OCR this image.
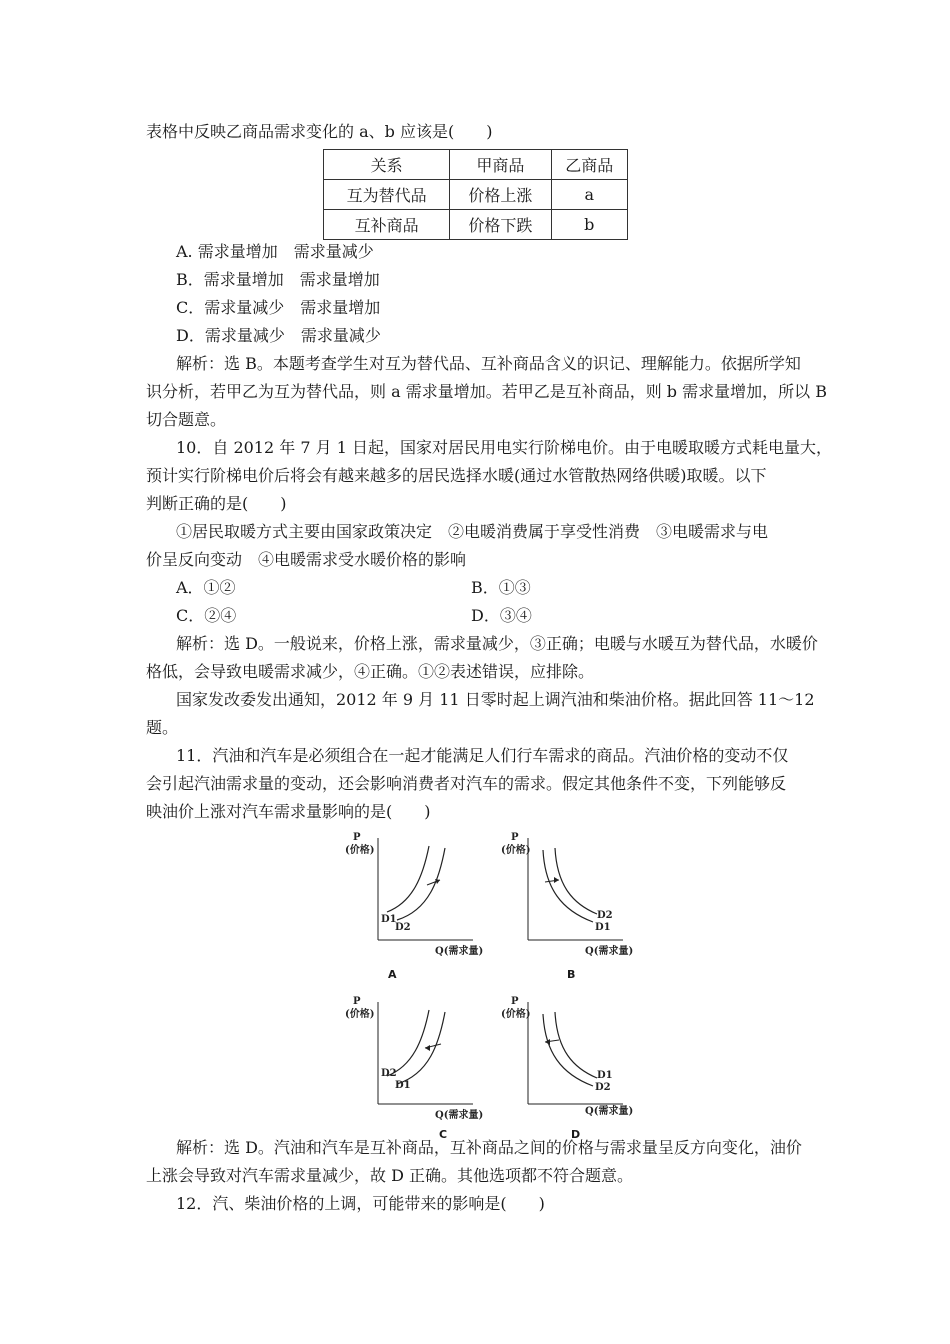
表格中反映乙商品需求变化的 a、b 应该是(　　)
关系	甲商品	乙商品
互为替代品	价格上涨	a
互补商品	价格下跌	b
A. 需求量增加　需求量减少
B．需求量增加　需求量增加
C．需求量减少　需求量增加
D．需求量减少　需求量减少
解析：选 B。本题考查学生对互为替代品、互补商品含义的识记、理解能力。依据所学知
识分析，若甲乙为互为替代品，则 a 需求量增加。若甲乙是互补商品，则 b 需求量增加，所以 B
切合题意。
10．自 2012 年 7 月 1 日起，国家对居民用电实行阶梯电价。由于电暖取暖方式耗电量大，
预计实行阶梯电价后将会有越来越多的居民选择水暖(通过水管散热网络供暖)取暖。以下
判断正确的是(　　)
①居民取暖方式主要由国家政策决定　②电暖消费属于享受性消费　③电暖需求与电
价呈反向变动　④电暖需求受水暖价格的影响
A．①②	B．①③
C．②④	D．③④
解析：选 D。一般说来，价格上涨，需求量减少，③正确；电暖与水暖互为替代品，水暖价
格低，会导致电暖需求减少，④正确。①②表述错误，应排除。
国家发改委发出通知，2012 年 9 月 11 日零时起上调汽油和柴油价格。据此回答 11～12
题。
11．汽油和汽车是必须组合在一起才能满足人们行车需求的商品。汽油价格的变动不仅
会引起汽油需求量的变动，还会影响消费者对汽车的需求。假定其他条件不变，下列能够反
映油价上涨对汽车需求量影响的是(　　)
P
(价格)
D1
D2
Q(需求量)
A
P
(价格)
D2
D1
Q(需求量)
B
P
(价格)
D2
D1
Q(需求量)
C
P
(价格)
D1
D2
Q(需求量)
D
解析：选 D。汽油和汽车是互补商品，互补商品之间的价格与需求量呈反方向变化，油价
上涨会导致对汽车需求量减少，故 D 正确。其他选项都不符合题意。
12．汽、柴油价格的上调，可能带来的影响是(　　)
